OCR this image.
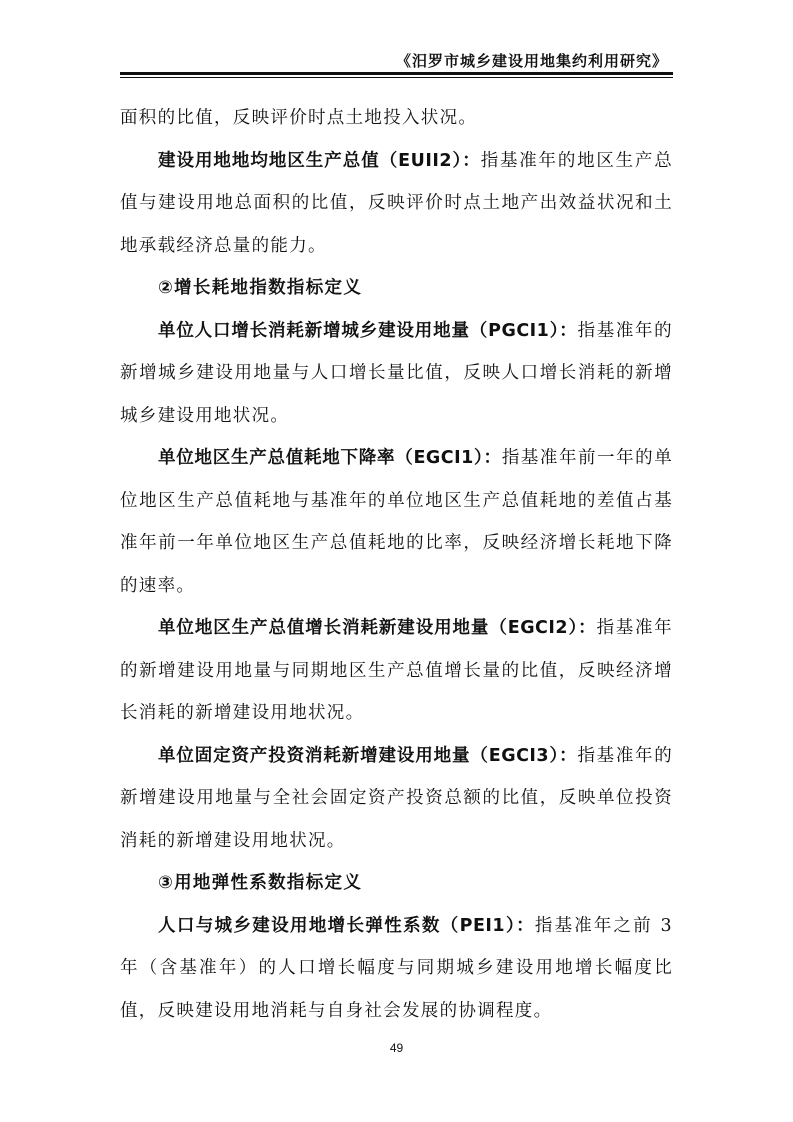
《汨罗市城乡建设用地集约利用研究》

面积的比值，反映评价时点土地投入状况。

建设用地地均地区生产总值（EUII2）：指基准年的地区生产总值与建设用地总面积的比值，反映评价时点土地产出效益状况和土地承载经济总量的能力。

②增长耗地指数指标定义

单位人口增长消耗新增城乡建设用地量（PGCI1）：指基准年的新增城乡建设用地量与人口增长量比值，反映人口增长消耗的新增城乡建设用地状况。

单位地区生产总值耗地下降率（EGCI1）：指基准年前一年的单位地区生产总值耗地与基准年的单位地区生产总值耗地的差值占基准年前一年单位地区生产总值耗地的比率，反映经济增长耗地下降的速率。

单位地区生产总值增长消耗新建设用地量（EGCI2）：指基准年的新增建设用地量与同期地区生产总值增长量的比值，反映经济增长消耗的新增建设用地状况。

单位固定资产投资消耗新增建设用地量（EGCI3）：指基准年的新增建设用地量与全社会固定资产投资总额的比值，反映单位投资消耗的新增建设用地状况。

③用地弹性系数指标定义

人口与城乡建设用地增长弹性系数（PEI1）：指基准年之前 3 年（含基准年）的人口增长幅度与同期城乡建设用地增长幅度比值，反映建设用地消耗与自身社会发展的协调程度。

49
